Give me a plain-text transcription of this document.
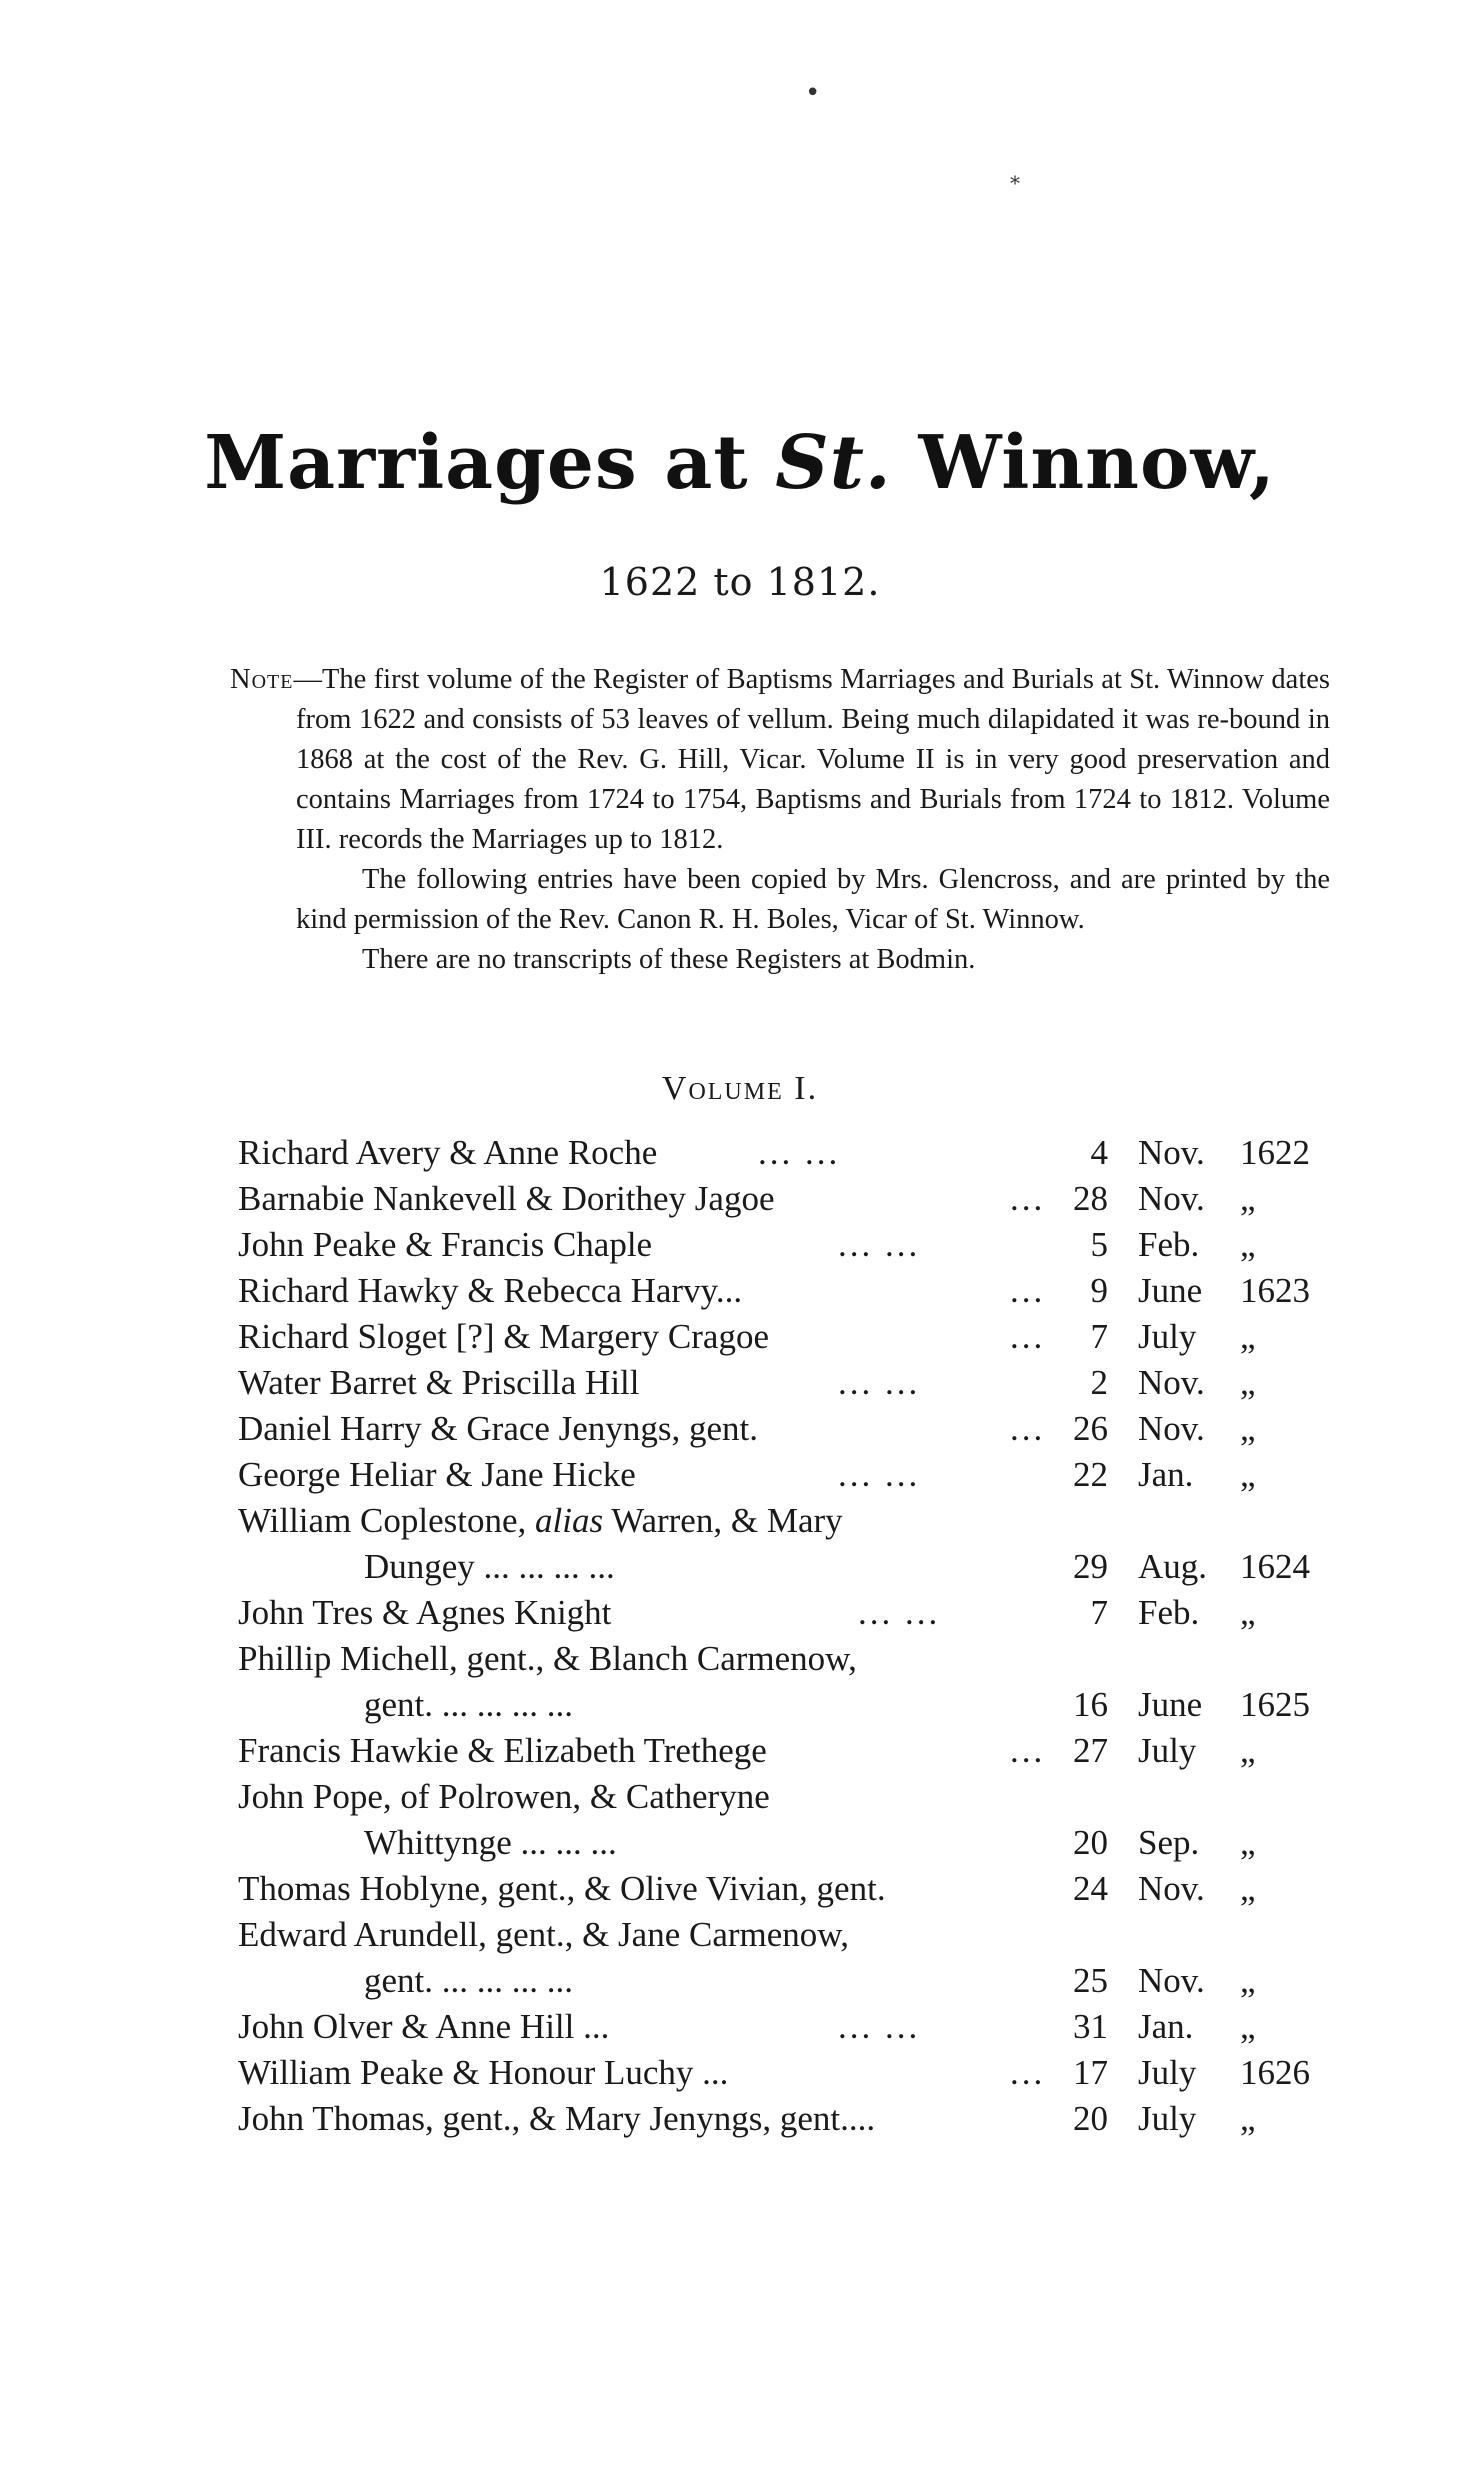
•
⁎
Marriages at St. Winnow,
1622 to 1812.

Note—The first volume of the Register of Baptisms Marriages and Burials at St. Winnow dates from 1622 and consists of 53 leaves of vellum. Being much dilapidated it was re-bound in 1868 at the cost of the Rev. G. Hill, Vicar. Volume II is in very good preservation and contains Marriages from 1724 to 1754, Baptisms and Burials from 1724 to 1812. Volume III. records the Marriages up to 1812.

The following entries have been copied by Mrs. Glencross, and are printed by the kind permission of the Rev. Canon R. H. Boles, Vicar of St. Winnow.

There are no transcripts of these Registers at Bodmin.

Volume I.
Richard Avery & Anne Roche	... ...	4 Nov. 1622
Barnabie Nankevell & Dorithey Jagoe	... 28 Nov. „
John Peake & Francis Chaple	... ...	5 Feb. „
Richard Hawky & Rebecca Harvy...	... 9 June 1623
Richard Sloget [?] & Margery Cragoe	... 7 July „
Water Barret & Priscilla Hill	... ...	2 Nov. „
Daniel Harry & Grace Jenyngs, gent.	... 26 Nov. „
George Heliar & Jane Hicke	... ...	22 Jan. „
William Coplestone, alias Warren, & Mary
Dungey ... ... ... ...	29 Aug. 1624
John Tres & Agnes Knight	... ...	7 Feb. „
Phillip Michell, gent., & Blanch Carmenow,
gent. ... ... ... ...	16 June 1625
Francis Hawkie & Elizabeth Trethege	... 27 July „
John Pope, of Polrowen, & Catheryne
Whittynge ... ... ...	20 Sep. „
Thomas Hoblyne, gent., & Olive Vivian, gent.	24 Nov. „
Edward Arundell, gent., & Jane Carmenow,
gent. ... ... ... ...	25 Nov. „
John Olver & Anne Hill ...	... ...	31 Jan. „
William Peake & Honour Luchy ...	... 17 July 1626
John Thomas, gent., & Mary Jenyngs, gent....	20 July „
